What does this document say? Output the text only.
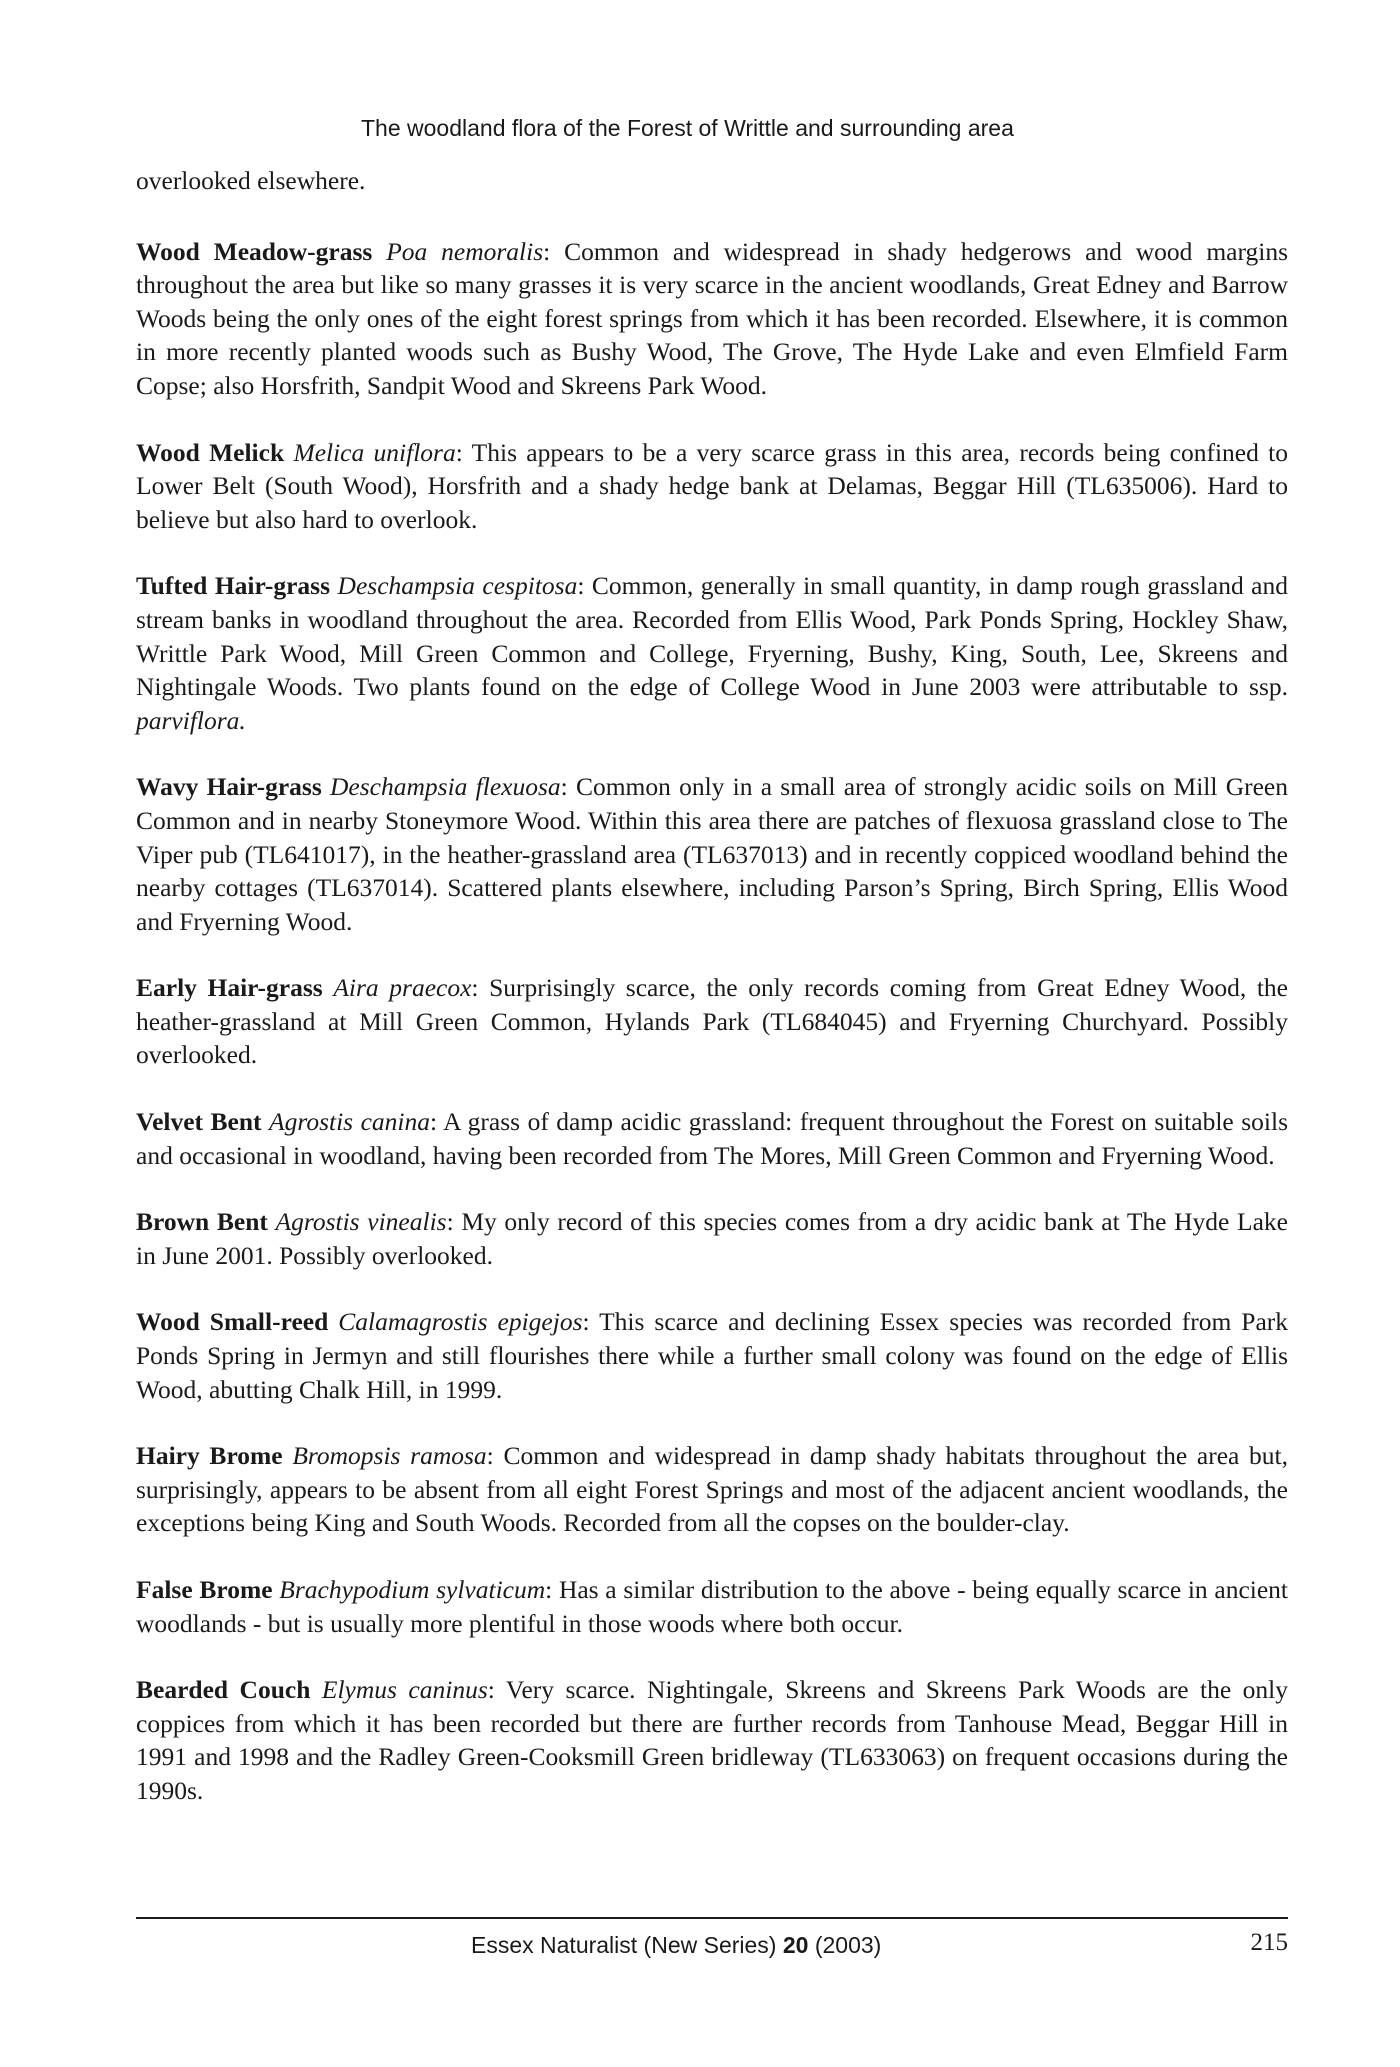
The woodland flora of the Forest of Writtle and surrounding area

overlooked elsewhere.

Wood Meadow-grass Poa nemoralis: Common and widespread in shady hedgerows and wood margins throughout the area but like so many grasses it is very scarce in the ancient woodlands, Great Edney and Barrow Woods being the only ones of the eight forest springs from which it has been recorded. Elsewhere, it is common in more recently planted woods such as Bushy Wood, The Grove, The Hyde Lake and even Elmfield Farm Copse; also Horsfrith, Sandpit Wood and Skreens Park Wood.

Wood Melick Melica uniflora: This appears to be a very scarce grass in this area, records being confined to Lower Belt (South Wood), Horsfrith and a shady hedge bank at Delamas, Beggar Hill (TL635006). Hard to believe but also hard to overlook.

Tufted Hair-grass Deschampsia cespitosa: Common, generally in small quantity, in damp rough grassland and stream banks in woodland throughout the area. Recorded from Ellis Wood, Park Ponds Spring, Hockley Shaw, Writtle Park Wood, Mill Green Common and College, Fryerning, Bushy, King, South, Lee, Skreens and Nightingale Woods. Two plants found on the edge of College Wood in June 2003 were attributable to ssp. parviflora.

Wavy Hair-grass Deschampsia flexuosa: Common only in a small area of strongly acidic soils on Mill Green Common and in nearby Stoneymore Wood. Within this area there are patches of flexuosa grassland close to The Viper pub (TL641017), in the heather-grassland area (TL637013) and in recently coppiced woodland behind the nearby cottages (TL637014). Scattered plants elsewhere, including Parson’s Spring, Birch Spring, Ellis Wood and Fryerning Wood.

Early Hair-grass Aira praecox: Surprisingly scarce, the only records coming from Great Edney Wood, the heather-grassland at Mill Green Common, Hylands Park (TL684045) and Fryerning Churchyard. Possibly overlooked.

Velvet Bent Agrostis canina: A grass of damp acidic grassland: frequent throughout the Forest on suitable soils and occasional in woodland, having been recorded from The Mores, Mill Green Common and Fryerning Wood.

Brown Bent Agrostis vinealis: My only record of this species comes from a dry acidic bank at The Hyde Lake in June 2001. Possibly overlooked.

Wood Small-reed Calamagrostis epigejos: This scarce and declining Essex species was recorded from Park Ponds Spring in Jermyn and still flourishes there while a further small colony was found on the edge of Ellis Wood, abutting Chalk Hill, in 1999.

Hairy Brome Bromopsis ramosa: Common and widespread in damp shady habitats throughout the area but, surprisingly, appears to be absent from all eight Forest Springs and most of the adjacent ancient woodlands, the exceptions being King and South Woods. Recorded from all the copses on the boulder-clay.

False Brome Brachypodium sylvaticum: Has a similar distribution to the above - being equally scarce in ancient woodlands - but is usually more plentiful in those woods where both occur.

Bearded Couch Elymus caninus: Very scarce. Nightingale, Skreens and Skreens Park Woods are the only coppices from which it has been recorded but there are further records from Tanhouse Mead, Beggar Hill in 1991 and 1998 and the Radley Green-Cooksmill Green bridleway (TL633063) on frequent occasions during the 1990s.

Essex Naturalist (New Series) 20 (2003)	215
